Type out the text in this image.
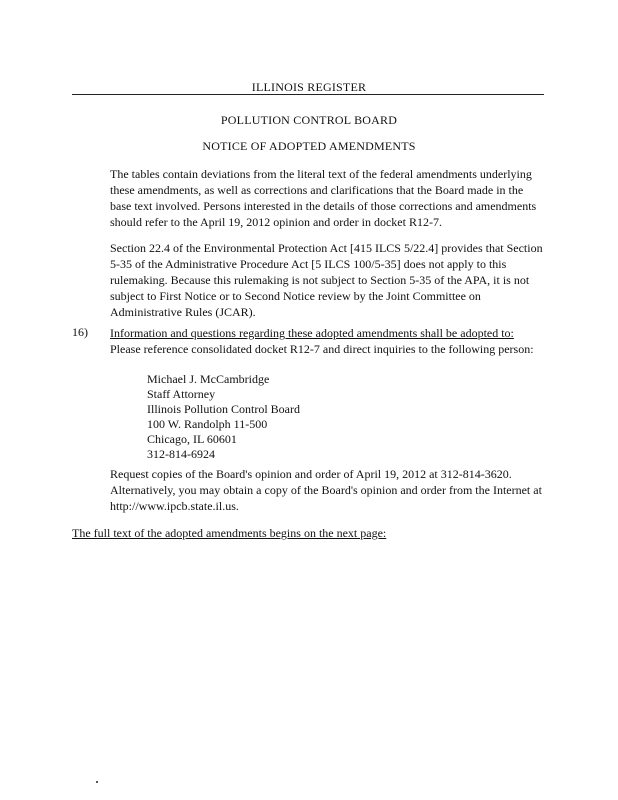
ILLINOIS REGISTER
POLLUTION CONTROL BOARD
NOTICE OF ADOPTED AMENDMENTS

The tables contain deviations from the literal text of the federal amendments underlying these amendments, as well as corrections and clarifications that the Board made in the base text involved. Persons interested in the details of those corrections and amendments should refer to the April 19, 2012 opinion and order in docket R12-7.

Section 22.4 of the Environmental Protection Act [415 ILCS 5/22.4] provides that Section 5-35 of the Administrative Procedure Act [5 ILCS 100/5-35] does not apply to this rulemaking. Because this rulemaking is not subject to Section 5-35 of the APA, it is not subject to First Notice or to Second Notice review by the Joint Committee on Administrative Rules (JCAR).

16) Information and questions regarding these adopted amendments shall be adopted to:
Please reference consolidated docket R12-7 and direct inquiries to the following person:

Michael J. McCambridge
Staff Attorney
Illinois Pollution Control Board
100 W. Randolph 11-500
Chicago, IL 60601
312-814-6924

Request copies of the Board's opinion and order of April 19, 2012 at 312-814-3620. Alternatively, you may obtain a copy of the Board's opinion and order from the Internet at http://www.ipcb.state.il.us.

The full text of the adopted amendments begins on the next page:
